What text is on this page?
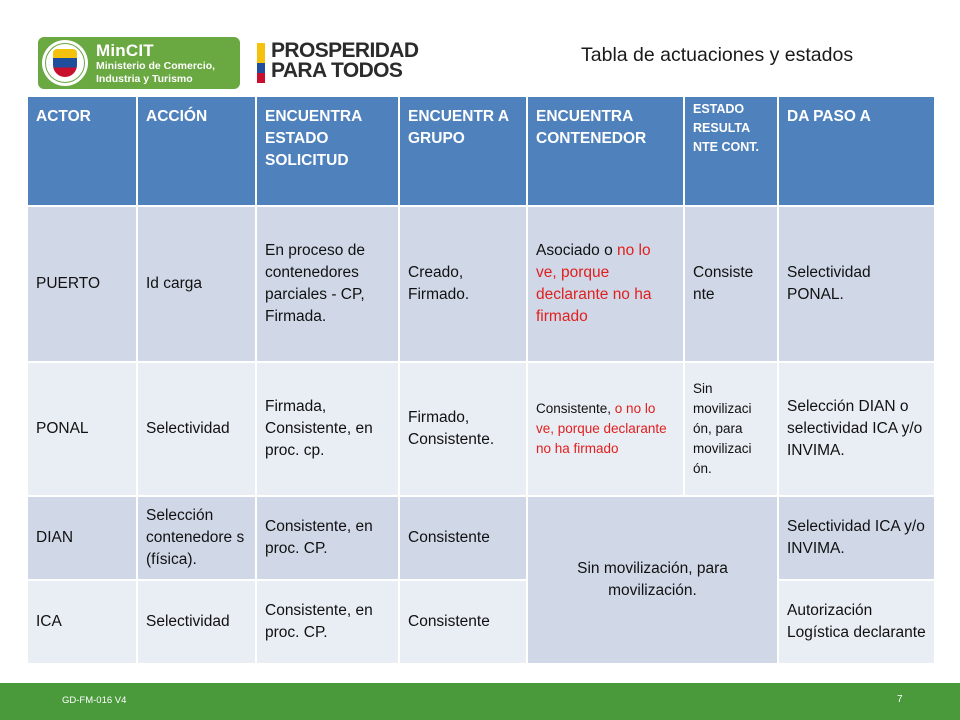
MinCIT
Ministerio de Comercio,
Industria y Turismo
PROSPERIDAD
PARA TODOS
Tabla de actuaciones y estados
ACTOR	ACCIÓN	ENCUENTRA ESTADO SOLICITUD	ENCUENTR A GRUPO	ENCUENTRA CONTENEDOR	ESTADO RESULTA NTE CONT.	DA PASO A
PUERTO	Id carga	En proceso de contenedores parciales - CP, Firmada.	Creado, Firmado.	Asociado o no lo ve, porque declarante no ha firmado	Consiste nte	Selectividad PONAL.
PONAL	Selectividad	Firmada, Consistente, en proc. cp.	Firmado, Consistente.	Consistente, o no lo ve, porque declarante no ha firmado	Sin movilizaci ón, para movilizaci ón.	Selección DIAN o selectividad ICA y/o INVIMA.
DIAN	Selección contenedore s (física).	Consistente, en proc. CP.	Consistente	Sin movilización, para movilización.		Selectividad ICA y/o INVIMA.
ICA	Selectividad	Consistente, en proc. CP.	Consistente			Autorización Logística declarante
GD-FM-016 V4	7
